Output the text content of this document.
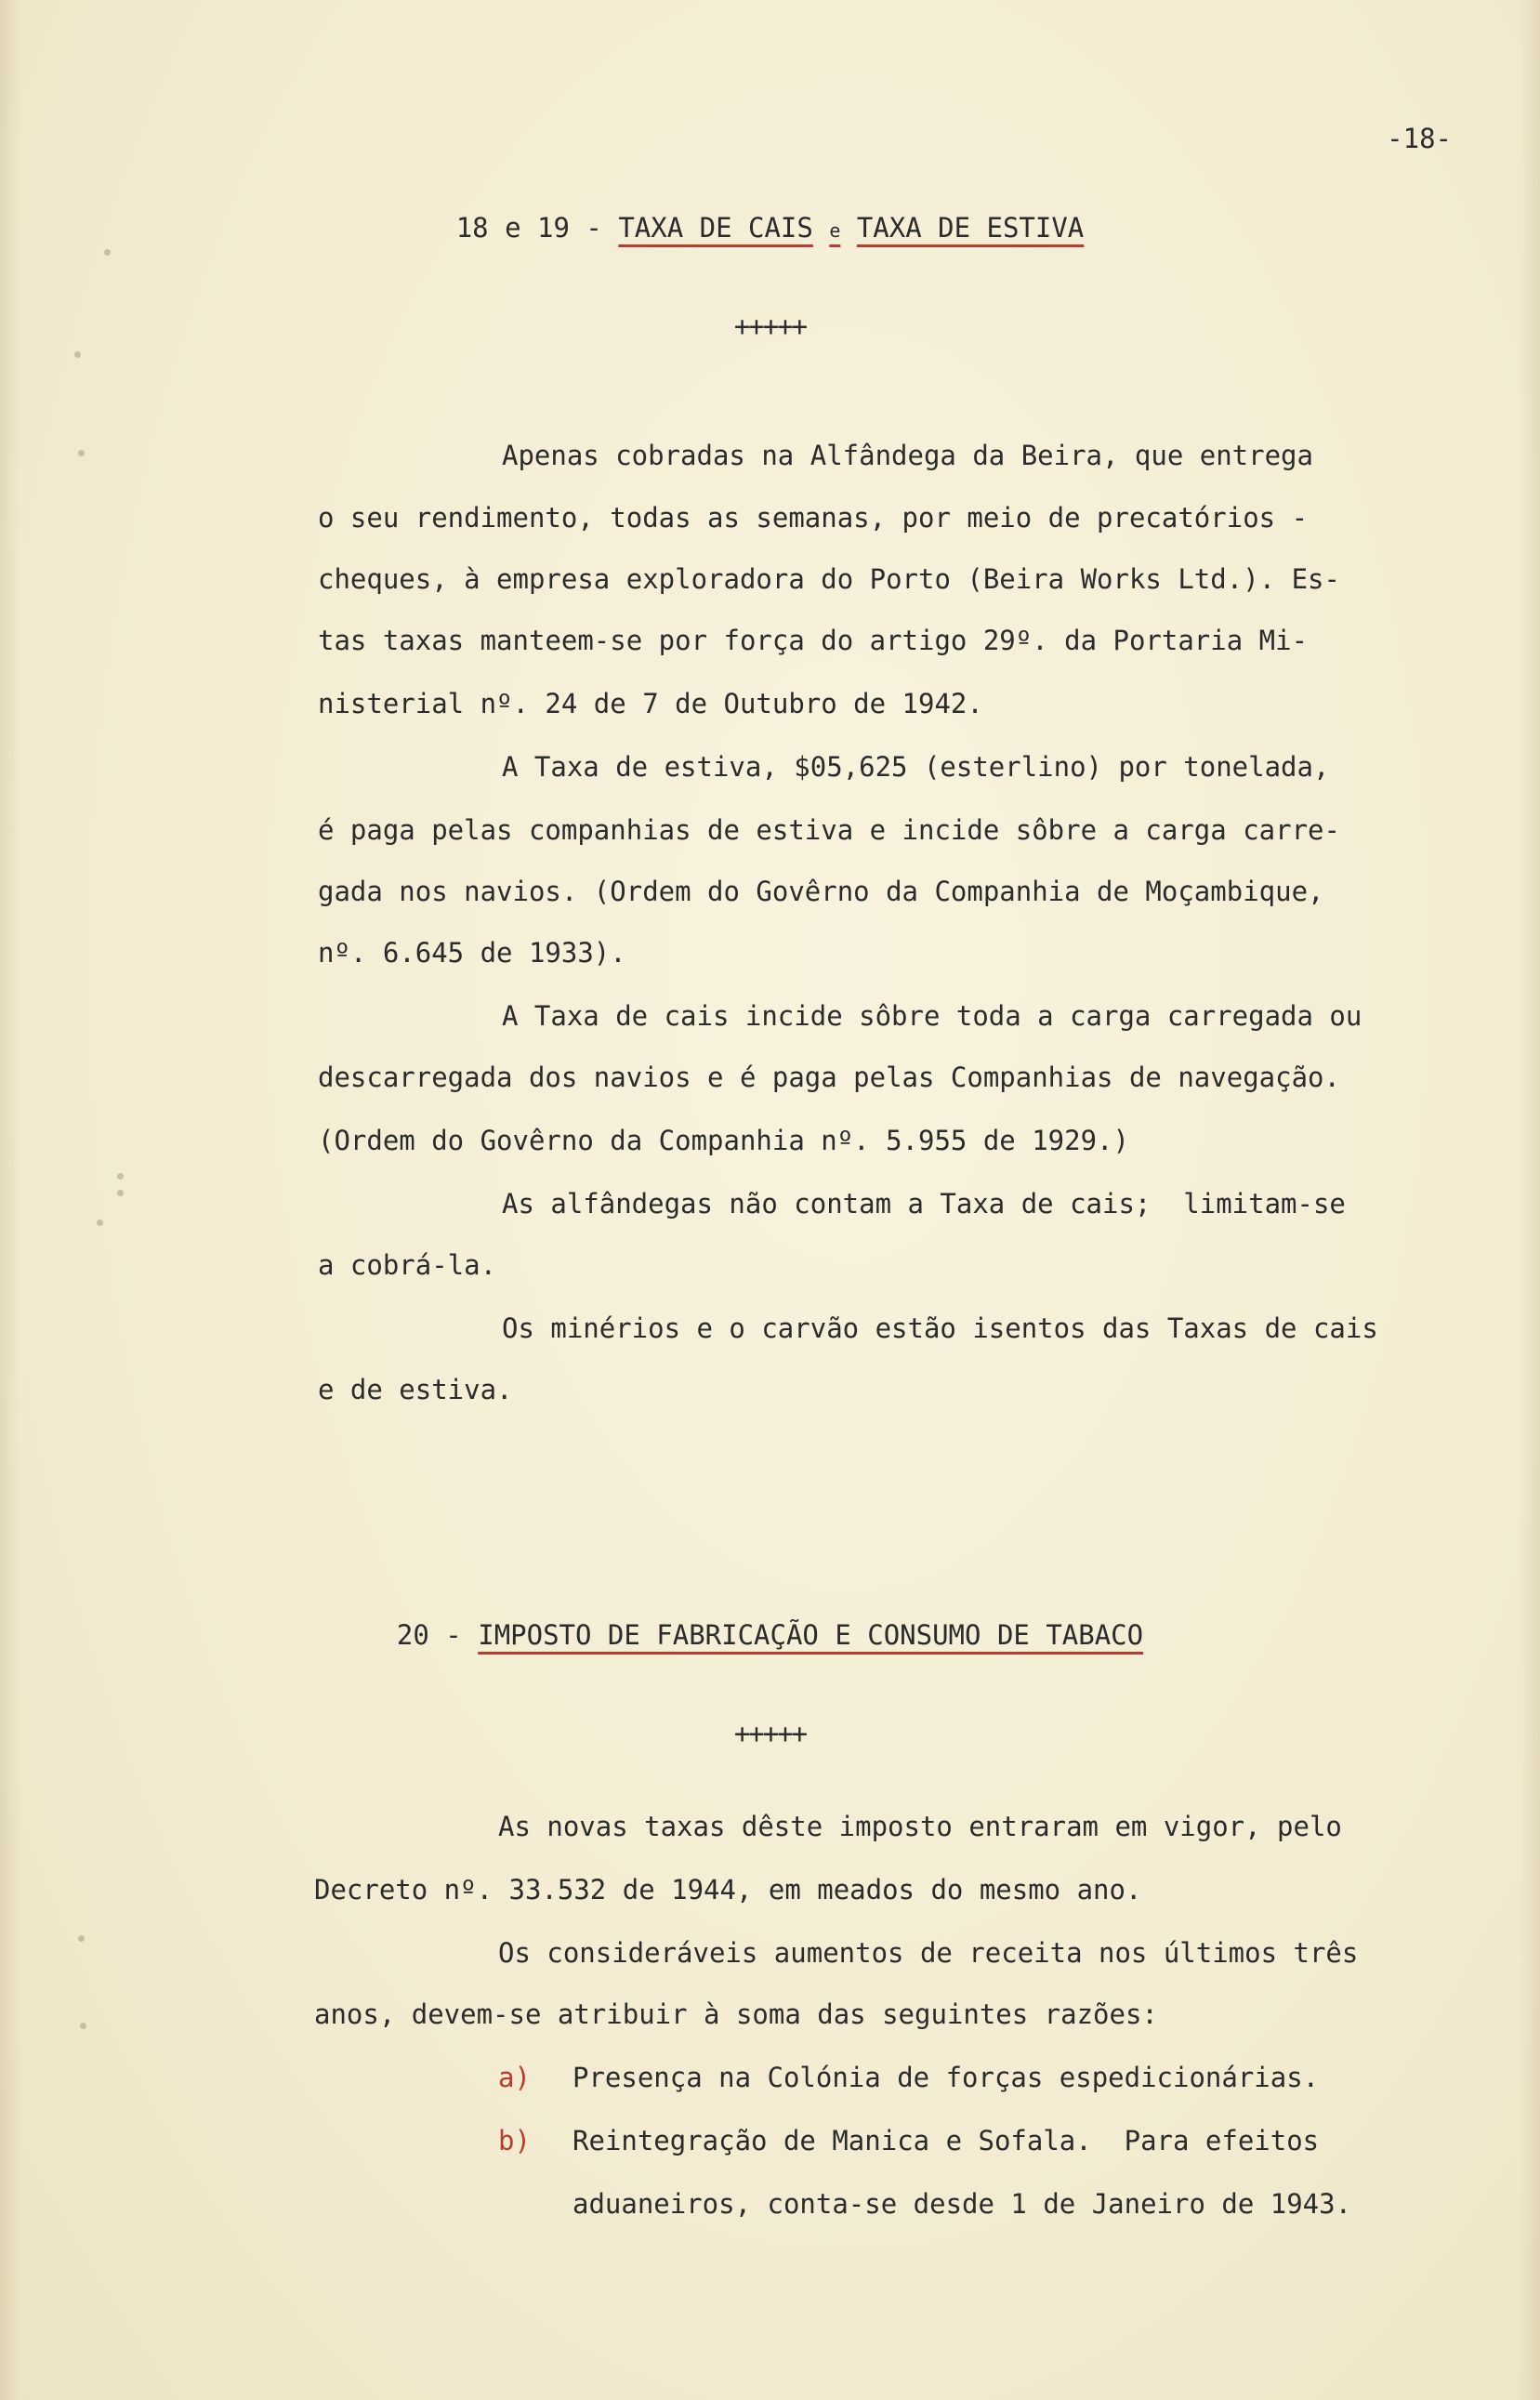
-18-
18 e 19 - TAXA DE CAIS e TAXA DE ESTIVA
+++++
Apenas cobradas na Alfândega da Beira, que entrega
o seu rendimento, todas as semanas, por meio de precatórios -
cheques, à empresa exploradora do Porto (Beira Works Ltd.). Es-
tas taxas manteem-se por força do artigo 29º. da Portaria Mi-
nisterial nº. 24 de 7 de Outubro de 1942.
A Taxa de estiva, $05,625 (esterlino) por tonelada,
é paga pelas companhias de estiva e incide sôbre a carga carre-
gada nos navios. (Ordem do Govêrno da Companhia de Moçambique,
nº. 6.645 de 1933).
A Taxa de cais incide sôbre toda a carga carregada ou
descarregada dos navios e é paga pelas Companhias de navegação.
(Ordem do Govêrno da Companhia nº. 5.955 de 1929.)
As alfândegas não contam a Taxa de cais;  limitam-se
a cobrá-la.
Os minérios e o carvão estão isentos das Taxas de cais
e de estiva.
20 - IMPOSTO DE FABRICAÇÃO E CONSUMO DE TABACO
+++++
As novas taxas dêste imposto entraram em vigor, pelo
Decreto nº. 33.532 de 1944, em meados do mesmo ano.
Os consideráveis aumentos de receita nos últimos três
anos, devem-se atribuir à soma das seguintes razões:
a) Presença na Colónia de forças espedicionárias.
b) Reintegração de Manica e Sofala.  Para efeitos
aduaneiros, conta-se desde 1 de Janeiro de 1943.
